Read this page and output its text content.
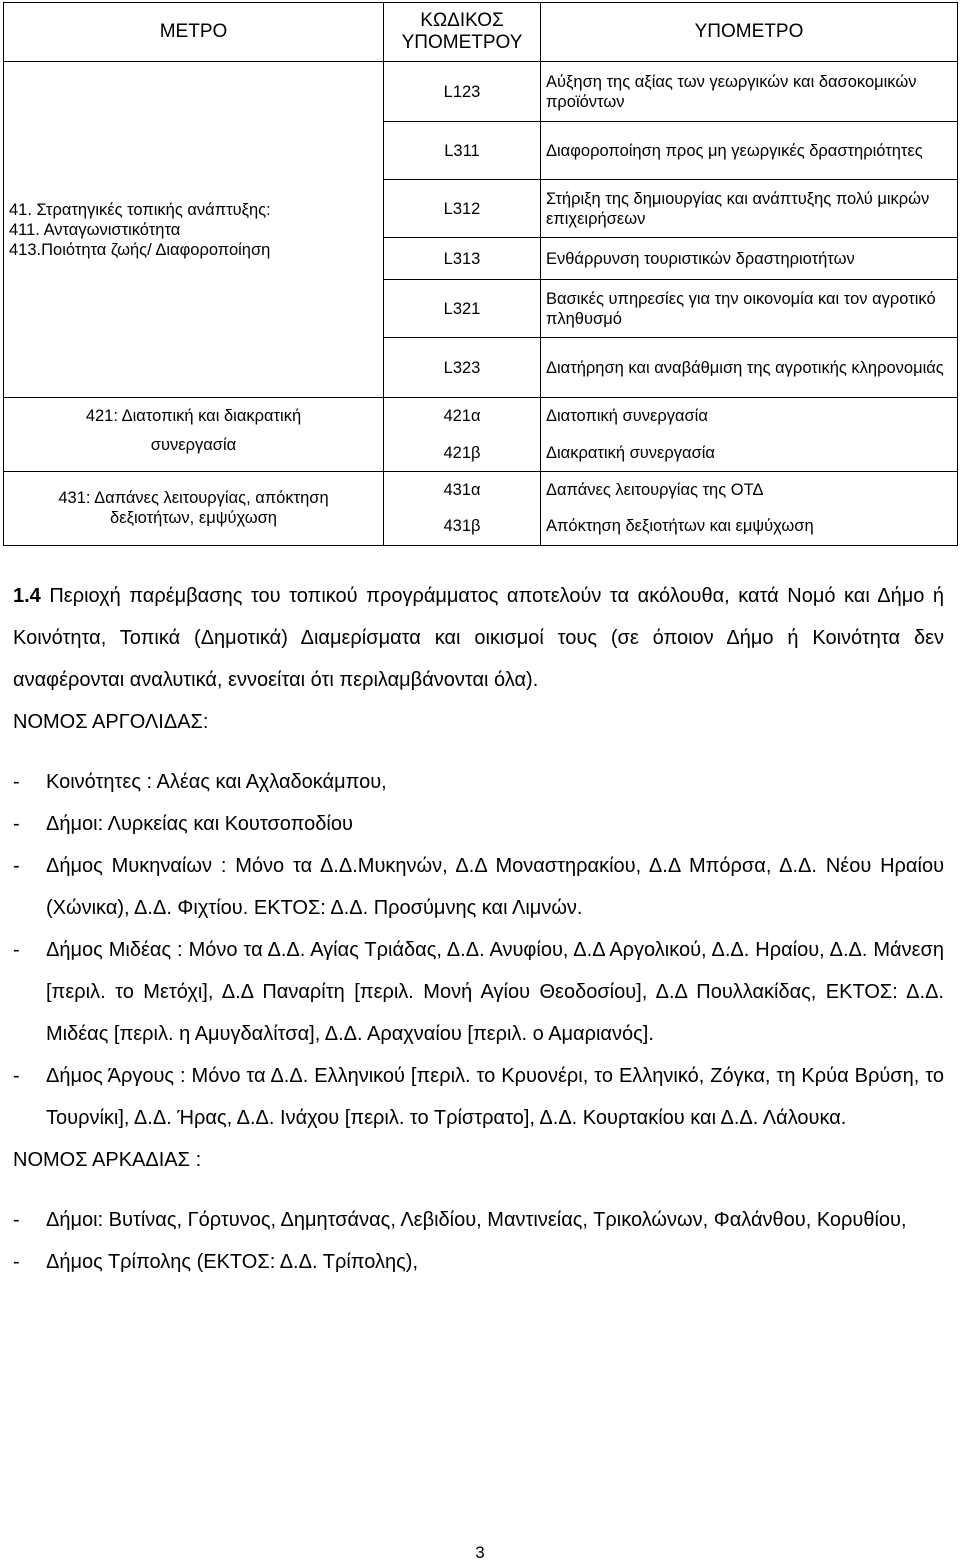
ΜΕΤΡΟ	ΚΩΔΙΚΟΣ ΥΠΟΜΕΤΡΟΥ	ΥΠΟΜΕΤΡΟ

41. Στρατηγικές τοπικής ανάπτυξης:
411. Ανταγωνιστικότητα
413.Ποιότητα ζωής/ Διαφοροποίηση	L123	Αύξηση της αξίας των γεωργικών και δασοκομικών προϊόντων
	L311	Διαφοροποίηση προς μη γεωργικές δραστηριότητες
	L312	Στήριξη της δημιουργίας και ανάπτυξης πολύ μικρών επιχειρήσεων
	L313	Ενθάρρυνση τουριστικών δραστηριοτήτων
	L321	Βασικές υπηρεσίες για την οικονομία και τον αγροτικό πληθυσμό
	L323	Διατήρηση και αναβάθμιση της αγροτικής κληρονομιάς
421: Διατοπική και διακρατική	421α	Διατοπική συνεργασία
συνεργασία	421β	Διακρατική συνεργασία
431: Δαπάνες λειτουργίας, απόκτηση	431α	Δαπάνες λειτουργίας της ΟΤΔ
δεξιοτήτων, εμψύχωση	431β	Απόκτηση δεξιοτήτων και εμψύχωση

1.4 Περιοχή παρέμβασης του τοπικού προγράμματος αποτελούν τα ακόλουθα, κατά Νομό και Δήμο ή Κοινότητα, Τοπικά (Δημοτικά) Διαμερίσματα και οικισμοί τους (σε όποιον Δήμο ή Κοινότητα δεν αναφέρονται αναλυτικά, εννοείται ότι περιλαμβάνονται όλα).

ΝΟΜΟΣ ΑΡΓΟΛΙΔΑΣ:

-	Κοινότητες : Αλέας και Αχλαδοκάμπου,
-	Δήμοι: Λυρκείας και Κουτσοποδίου
-	Δήμος Μυκηναίων : Μόνο τα Δ.Δ.Μυκηνών, Δ.Δ Μοναστηρακίου, Δ.Δ Μπόρσα, Δ.Δ. Νέου Ηραίου (Χώνικα), Δ.Δ. Φιχτίου. ΕΚΤΟΣ: Δ.Δ. Προσύμνης και Λιμνών.
-	Δήμος Μιδέας : Μόνο τα Δ.Δ. Αγίας Τριάδας, Δ.Δ. Ανυφίου, Δ.Δ Αργολικού, Δ.Δ. Ηραίου, Δ.Δ. Μάνεση [περιλ. το Μετόχι], Δ.Δ Παναρίτη [περιλ. Μονή Αγίου Θεοδοσίου], Δ.Δ Πουλλακίδας, ΕΚΤΟΣ: Δ.Δ. Μιδέας [περιλ. η Αμυγδαλίτσα], Δ.Δ. Αραχναίου [περιλ. ο Αμαριανός].
-	Δήμος Άργους : Μόνο τα Δ.Δ. Ελληνικού [περιλ. το Κρυονέρι, το Ελληνικό, Ζόγκα, τη Κρύα Βρύση, το Τουρνίκι], Δ.Δ. Ήρας, Δ.Δ. Ινάχου [περιλ. το Τρίστρατο], Δ.Δ. Κουρτακίου και Δ.Δ. Λάλουκα.

ΝΟΜΟΣ ΑΡΚΑΔΙΑΣ :

-	Δήμοι: Βυτίνας, Γόρτυνος, Δημητσάνας, Λεβιδίου, Μαντινείας, Τρικολώνων, Φαλάνθου, Κορυθίου,
-	Δήμος Τρίπολης (ΕΚΤΟΣ: Δ.Δ. Τρίπολης),
3
